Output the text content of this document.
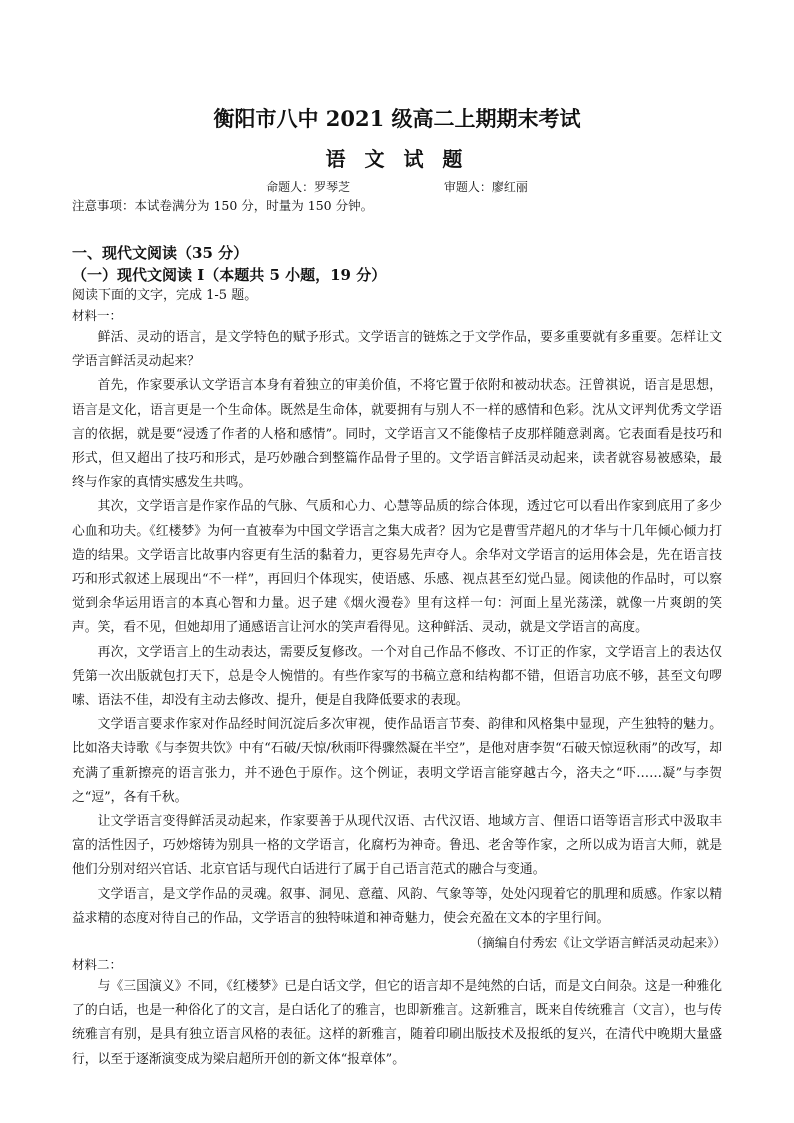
衡阳市八中 2021 级高二上期期末考试
语 文 试 题
命题人：罗琴芝	审题人：廖红丽
注意事项：本试卷满分为 150 分，时量为 150 分钟。
一、现代文阅读（35 分）
（一）现代文阅读 I（本题共 5 小题，19 分）
阅读下面的文字，完成 1-5 题。
材料一：

鲜活、灵动的语言，是文学特色的赋予形式。文学语言的链炼之于文学作品，要多重要就有多重要。怎样让文学语言鲜活灵动起来？

首先，作家要承认文学语言本身有着独立的审美价值，不将它置于依附和被动状态。汪曾祺说，语言是思想，语言是文化，语言更是一个生命体。既然是生命体，就要拥有与别人不一样的感情和色彩。沈从文评判优秀文学语言的依据，就是要“浸透了作者的人格和感情”。同时，文学语言又不能像桔子皮那样随意剥离。它表面看是技巧和形式，但又超出了技巧和形式，是巧妙融合到整篇作品骨子里的。文学语言鲜活灵动起来，读者就容易被感染，最终与作家的真情实感发生共鸣。

其次，文学语言是作家作品的气脉、气质和心力、心慧等品质的综合体现，透过它可以看出作家到底用了多少心血和功夫。《红楼梦》为何一直被奉为中国文学语言之集大成者？因为它是曹雪芹超凡的才华与十几年倾心倾力打造的结果。文学语言比故事内容更有生活的黏着力，更容易先声夺人。余华对文学语言的运用体会是，先在语言技巧和形式叙述上展现出“不一样”，再回归个体现实，使语感、乐感、视点甚至幻觉凸显。阅读他的作品时，可以察觉到余华运用语言的本真心智和力量。迟子建《烟火漫卷》里有这样一句：河面上星光荡漾，就像一片爽朗的笑声。笑，看不见，但她却用了通感语言让河水的笑声看得见。这种鲜活、灵动，就是文学语言的高度。

再次，文学语言上的生动表达，需要反复修改。一个对自己作品不修改、不订正的作家，文学语言上的表达仅凭第一次出版就包打天下，总是令人惋惜的。有些作家写的书稿立意和结构都不错，但语言功底不够，甚至文句啰嗦、语法不佳，却没有主动去修改、提升，便是自我降低要求的表现。

文学语言要求作家对作品经时间沉淀后多次审视，使作品语言节奏、韵律和风格集中显现，产生独特的魅力。比如洛夫诗歌《与李贺共饮》中有“石破/天惊/秋雨吓得骤然凝在半空”，是他对唐李贺“石破天惊逗秋雨”的改写，却充满了重新擦亮的语言张力，并不逊色于原作。这个例证，表明文学语言能穿越古今，洛夫之“吓……凝”与李贺之“逗”，各有千秋。

让文学语言变得鲜活灵动起来，作家要善于从现代汉语、古代汉语、地域方言、俚语口语等语言形式中汲取丰富的活性因子，巧妙熔铸为别具一格的文学语言，化腐朽为神奇。鲁迅、老舍等作家，之所以成为语言大师，就是他们分别对绍兴官话、北京官话与现代白话进行了属于自己语言范式的融合与变通。

文学语言，是文学作品的灵魂。叙事、洞见、意蕴、风韵、气象等等，处处闪现着它的肌理和质感。作家以精益求精的态度对待自己的作品，文学语言的独特味道和神奇魅力，使会充盈在文本的字里行间。

（摘编自付秀宏《让文学语言鲜活灵动起来》）
材料二：

与《三国演义》不同，《红楼梦》已是白话文学，但它的语言却不是纯然的白话，而是文白间杂。这是一种雅化了的白话，也是一种俗化了的文言，是白话化了的雅言，也即新雅言。这新雅言，既来自传统雅言（文言），也与传统雅言有别，是具有独立语言风格的表征。这样的新雅言，随着印刷出版技术及报纸的复兴，在清代中晚期大量盛行，以至于逐渐演变成为梁启超所开创的新文体“报章体”。
